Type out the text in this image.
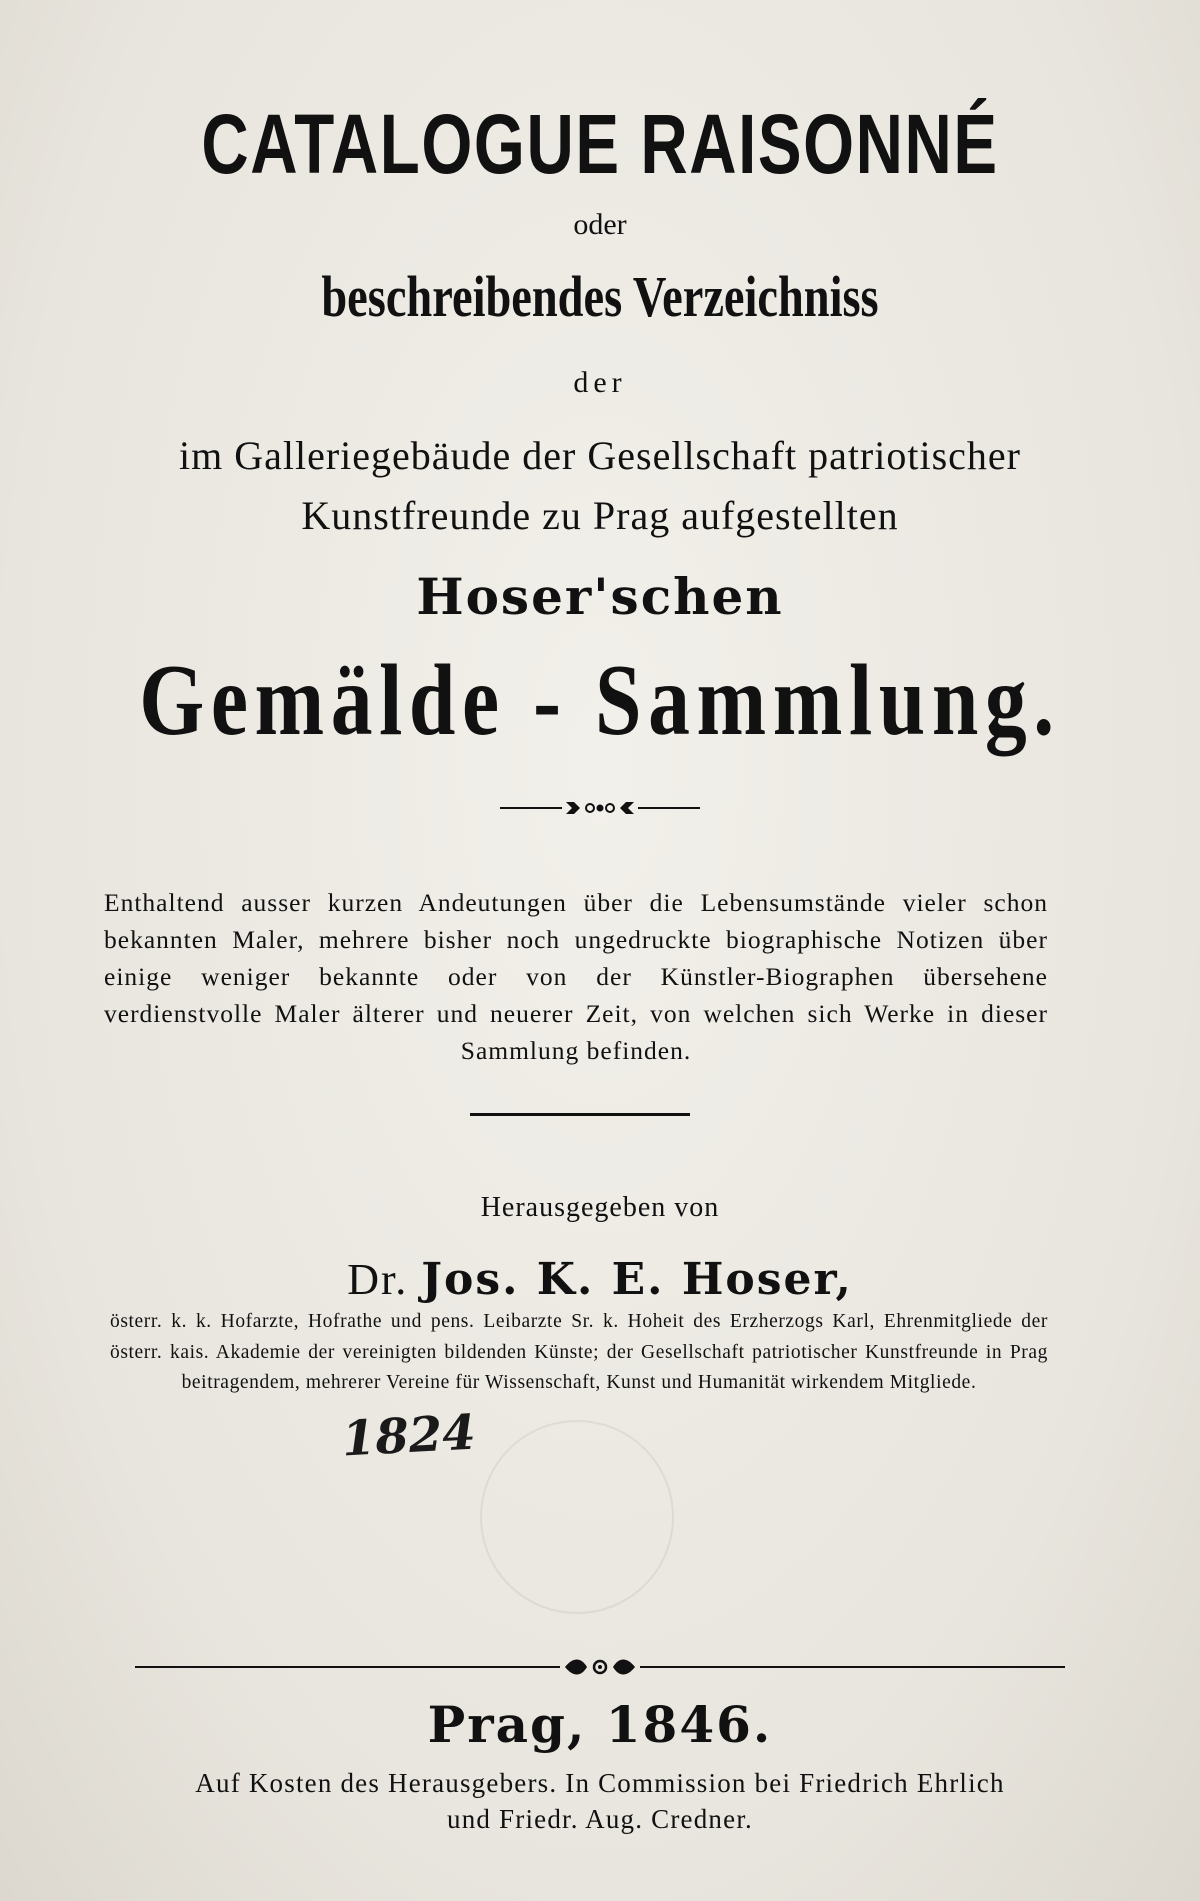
CATALOGUE RAISONNÉ
oder
beschreibendes Verzeichniss
der
im Galleriegebäude der Gesellschaft patriotischer
Kunstfreunde zu Prag aufgestellten
Hoser'schen
Gemälde - Sammlung.
Enthaltend ausser kurzen Andeutungen über die Lebensumstände vieler schon bekannten Maler, mehrere bisher noch ungedruckte biographische Notizen über einige weniger bekannte oder von der Künstler-Biographen übersehene verdienstvolle Maler älterer und neuerer Zeit, von welchen sich Werke in dieser Sammlung befinden.
Herausgegeben von
Dr. Jos. K. E. Hoser,
österr. k. k. Hofarzte, Hofrathe und pens. Leibarzte Sr. k. Hoheit des Erzherzogs Karl, Ehrenmitgliede der österr. kais. Akademie der vereinigten bildenden Künste; der Gesellschaft patriotischer Kunstfreunde in Prag beitragendem, mehrerer Vereine für Wissenschaft, Kunst und Humanität wirkendem Mitgliede.
1824
Prag, 1846.
Auf Kosten des Herausgebers. In Commission bei Friedrich Ehrlich
und Friedr. Aug. Credner.
